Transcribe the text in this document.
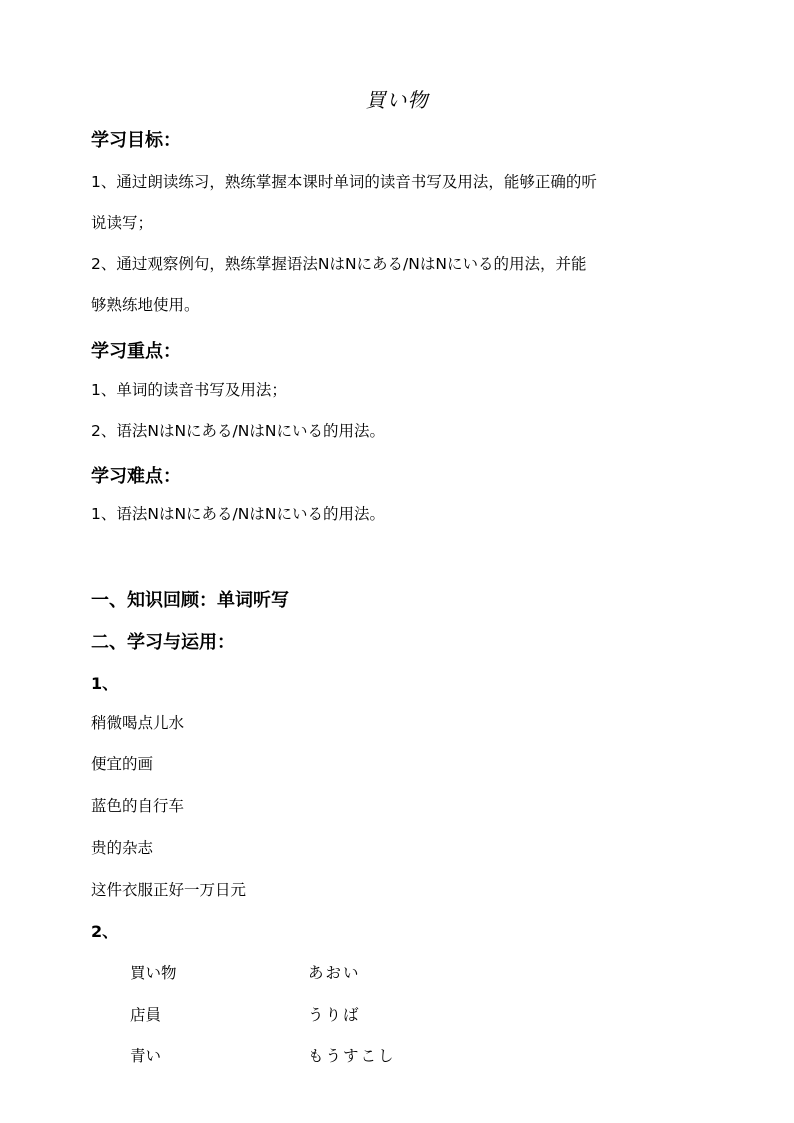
買い物
学习目标：
1、通过朗读练习，熟练掌握本课时单词的读音书写及用法，能够正确的听
说读写；
2、通过观察例句，熟练掌握语法NはNにある/NはNにいる的用法，并能
够熟练地使用。
学习重点：
1、单词的读音书写及用法；
2、语法NはNにある/NはNにいる的用法。
学习难点：
1、语法NはNにある/NはNにいる的用法。
一、知识回顾：单词听写
二、学习与运用：
1、
稍微喝点儿水
便宜的画
蓝色的自行车
贵的杂志
这件衣服正好一万日元
2、
買い物	あおい
店員	うりば
青い	もうすこし
